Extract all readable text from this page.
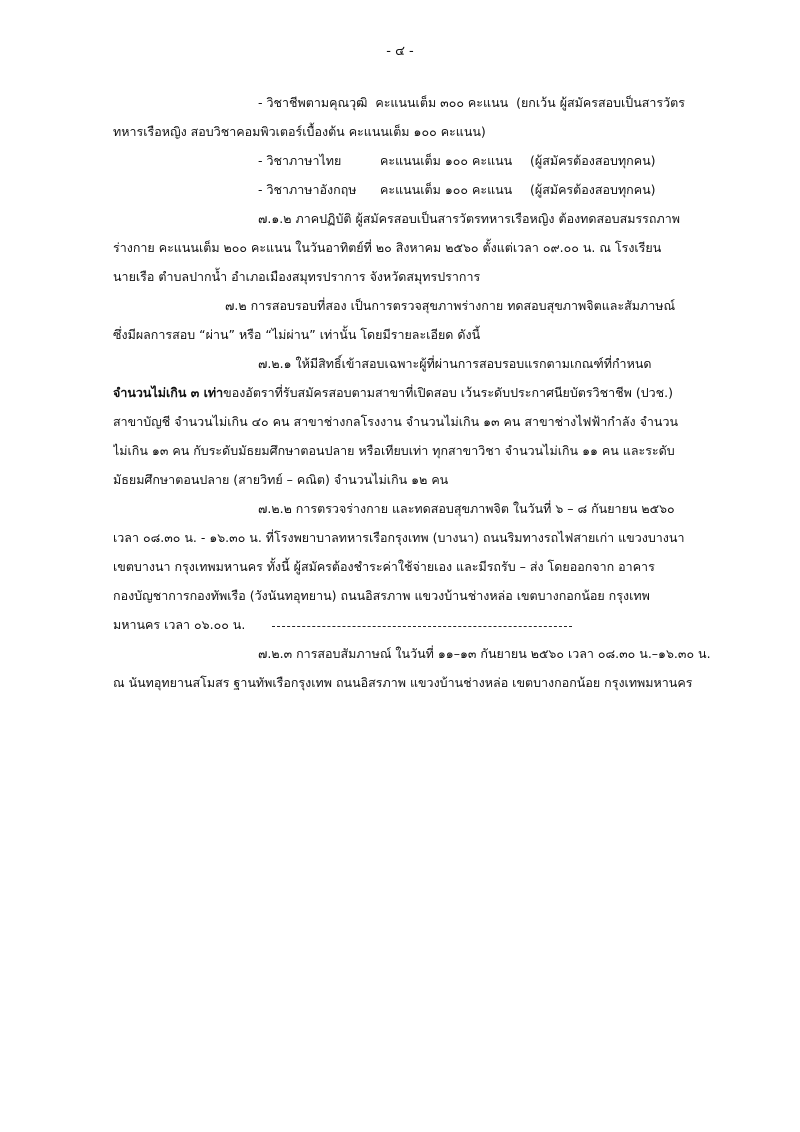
- ๔ -
- วิชาชีพตามคุณวุฒิ คะแนนเต็ม ๓๐๐ คะแนน (ยกเว้น ผู้สมัครสอบเป็นสารวัตร
ทหารเรือหญิง สอบวิชาคอมพิวเตอร์เบื้องต้น คะแนนเต็ม ๑๐๐ คะแนน)
- วิชาภาษาไทย	คะแนนเต็ม ๑๐๐ คะแนน (ผู้สมัครต้องสอบทุกคน)
- วิชาภาษาอังกฤษ คะแนนเต็ม ๑๐๐ คะแนน (ผู้สมัครต้องสอบทุกคน)
๗.๑.๒ ภาคปฏิบัติ ผู้สมัครสอบเป็นสารวัตรทหารเรือหญิง ต้องทดสอบสมรรถภาพ
ร่างกาย คะแนนเต็ม ๒๐๐ คะแนน ในวันอาทิตย์ที่ ๒๐ สิงหาคม ๒๕๖๐ ตั้งแต่เวลา ๐๙.๐๐ น. ณ โรงเรียน
นายเรือ ตำบลปากน้ำ อำเภอเมืองสมุทรปราการ จังหวัดสมุทรปราการ
๗.๒ การสอบรอบที่สอง เป็นการตรวจสุขภาพร่างกาย ทดสอบสุขภาพจิตและสัมภาษณ์
ซึ่งมีผลการสอบ “ผ่าน” หรือ “ไม่ผ่าน” เท่านั้น โดยมีรายละเอียด ดังนี้
๗.๒.๑ ให้มีสิทธิ์เข้าสอบเฉพาะผู้ที่ผ่านการสอบรอบแรกตามเกณฑ์ที่กำหนด
จำนวนไม่เกิน ๓ เท่าของอัตราที่รับสมัครสอบตามสาขาที่เปิดสอบ เว้นระดับประกาศนียบัตรวิชาชีพ (ปวช.)
สาขาบัญชี จำนวนไม่เกิน ๔๐ คน สาขาช่างกลโรงงาน จำนวนไม่เกิน ๑๓ คน สาขาช่างไฟฟ้ากำลัง จำนวน
ไม่เกิน ๑๓ คน กับระดับมัธยมศึกษาตอนปลาย หรือเทียบเท่า ทุกสาขาวิชา จำนวนไม่เกิน ๑๑ คน และระดับ
มัธยมศึกษาตอนปลาย (สายวิทย์ – คณิต) จำนวนไม่เกิน ๑๒ คน
๗.๒.๒ การตรวจร่างกาย และทดสอบสุขภาพจิต ในวันที่ ๖ – ๘ กันยายน ๒๕๖๐
เวลา ๐๘.๓๐ น. - ๑๖.๓๐ น. ที่โรงพยาบาลทหารเรือกรุงเทพ (บางนา) ถนนริมทางรถไฟสายเก่า แขวงบางนา
เขตบางนา กรุงเทพมหานคร ทั้งนี้ ผู้สมัครต้องชำระค่าใช้จ่ายเอง และมีรถรับ – ส่ง โดยออกจาก อาคาร
กองบัญชาการกองทัพเรือ (วังนันทอุทยาน) ถนนอิสรภาพ แขวงบ้านช่างหล่อ เขตบางกอกน้อย กรุงเทพ
มหานคร เวลา ๐๖.๐๐ น.
๗.๒.๓ การสอบสัมภาษณ์ ในวันที่ ๑๑–๑๓ กันยายน ๒๕๖๐ เวลา ๐๘.๓๐ น.–๑๖.๓๐ น.
ณ นันทอุทยานสโมสร ฐานทัพเรือกรุงเทพ ถนนอิสรภาพ แขวงบ้านช่างหล่อ เขตบางกอกน้อย กรุงเทพมหานคร
